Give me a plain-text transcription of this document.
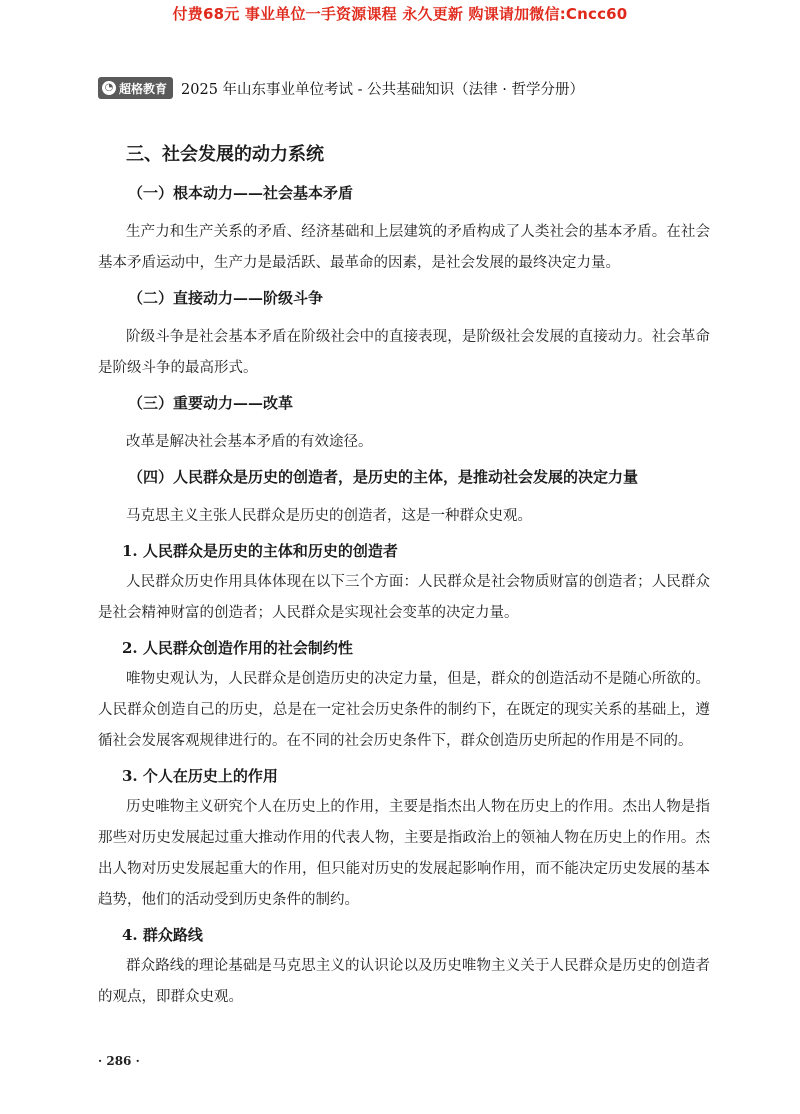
付费68元 事业单位一手资源课程 永久更新 购课请加微信:Cncc60
◔ 超格教育 2025 年山东事业单位考试 - 公共基础知识（法律 · 哲学分册）
三、社会发展的动力系统
（一）根本动力——社会基本矛盾

生产力和生产关系的矛盾、经济基础和上层建筑的矛盾构成了人类社会的基本矛盾。在社会基本矛盾运动中，生产力是最活跃、最革命的因素，是社会发展的最终决定力量。

（二）直接动力——阶级斗争

阶级斗争是社会基本矛盾在阶级社会中的直接表现，是阶级社会发展的直接动力。社会革命是阶级斗争的最高形式。

（三）重要动力——改革

改革是解决社会基本矛盾的有效途径。

（四）人民群众是历史的创造者，是历史的主体，是推动社会发展的决定力量

马克思主义主张人民群众是历史的创造者，这是一种群众史观。

1. 人民群众是历史的主体和历史的创造者

人民群众历史作用具体体现在以下三个方面：人民群众是社会物质财富的创造者；人民群众是社会精神财富的创造者；人民群众是实现社会变革的决定力量。

2. 人民群众创造作用的社会制约性

唯物史观认为，人民群众是创造历史的决定力量，但是，群众的创造活动不是随心所欲的。人民群众创造自己的历史，总是在一定社会历史条件的制约下，在既定的现实关系的基础上，遵循社会发展客观规律进行的。在不同的社会历史条件下，群众创造历史所起的作用是不同的。

3. 个人在历史上的作用

历史唯物主义研究个人在历史上的作用，主要是指杰出人物在历史上的作用。杰出人物是指那些对历史发展起过重大推动作用的代表人物，主要是指政治上的领袖人物在历史上的作用。杰出人物对历史发展起重大的作用，但只能对历史的发展起影响作用，而不能决定历史发展的基本趋势，他们的活动受到历史条件的制约。

4. 群众路线

群众路线的理论基础是马克思主义的认识论以及历史唯物主义关于人民群众是历史的创造者的观点，即群众史观。

· 286 ·
